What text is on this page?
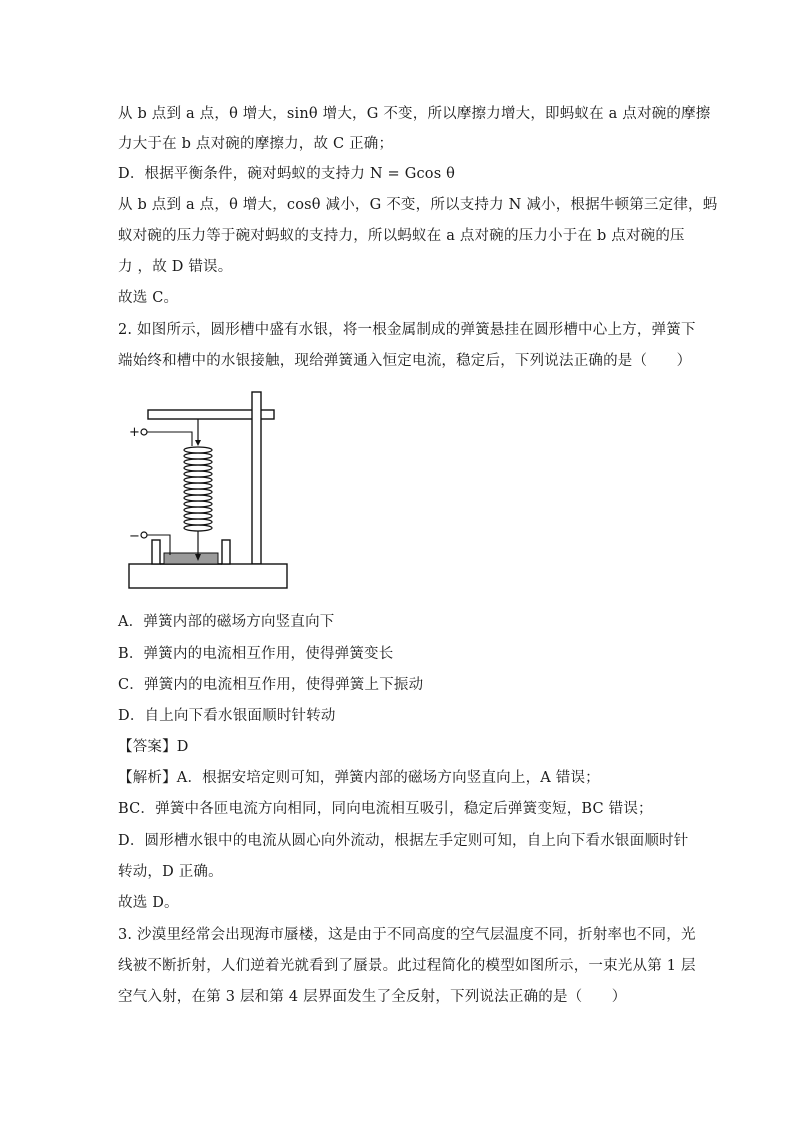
从 b 点到 a 点，θ 增大，sinθ 增大，G 不变，所以摩擦力增大，即蚂蚁在 a 点对碗的摩擦
力大于在 b 点对碗的摩擦力，故 C 正确；
D．根据平衡条件，碗对蚂蚁的支持力 N = Gcos θ
从 b 点到 a 点，θ 增大，cosθ 减小，G 不变，所以支持力 N 减小，根据牛顿第三定律，蚂
蚁对碗的压力等于碗对蚂蚁的支持力，所以蚂蚁在 a 点对碗的压力小于在 b 点对碗的压
力 ，故 D 错误。
故选 C。
2. 如图所示，圆形槽中盛有水银，将一根金属制成的弹簧悬挂在圆形槽中心上方，弹簧下
端始终和槽中的水银接触，现给弹簧通入恒定电流，稳定后，下列说法正确的是（　　）
+
−
A．弹簧内部的磁场方向竖直向下
B．弹簧内的电流相互作用，使得弹簧变长
C．弹簧内的电流相互作用，使得弹簧上下振动
D．自上向下看水银面顺时针转动
【答案】D
【解析】A．根据安培定则可知，弹簧内部的磁场方向竖直向上，A 错误；
BC．弹簧中各匝电流方向相同，同向电流相互吸引，稳定后弹簧变短，BC 错误；
D．圆形槽水银中的电流从圆心向外流动，根据左手定则可知，自上向下看水银面顺时针
转动，D 正确。
故选 D。
3. 沙漠里经常会出现海市蜃楼，这是由于不同高度的空气层温度不同，折射率也不同，光
线被不断折射，人们逆着光就看到了蜃景。此过程简化的模型如图所示，一束光从第 1 层
空气入射，在第 3 层和第 4 层界面发生了全反射，下列说法正确的是（　　）
